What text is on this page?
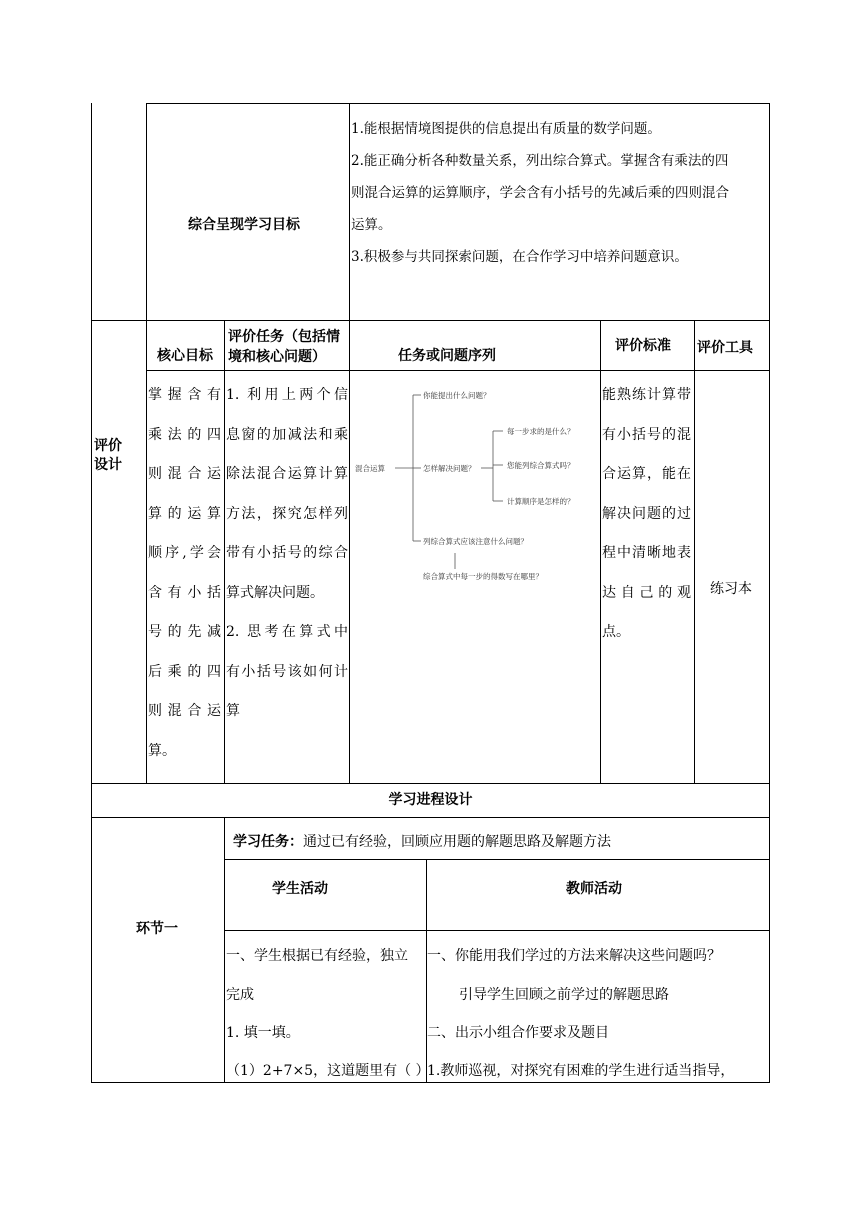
综合呈现学习目标
1.能根据情境图提供的信息提出有质量的数学问题。
2.能正确分析各种数量关系，列出综合算式。掌握含有乘法的四
则混合运算的运算顺序，学会含有小括号的先减后乘的四则混合
运算。
3.积极参与共同探索问题，在合作学习中培养问题意识。
评价
设计
核心目标
评价任务（包括情
境和核心问题）	任务或问题序列
评价标准 评价工具
掌握含有
乘法的四
则混合运
算的运算
顺序,学会
含有小括
号的先减
后乘的四
则混合运
算。
1. 利用上两个信
息窗的加减法和乘
除法混合运算计算
方法，探究怎样列
带有小括号的综合
算式解决问题。
2. 思考在算式中
有小括号该如何计
算
混合运算
你能提出什么问题？
怎样解决问题？
每一步求的是什么？
您能列综合算式吗？
计算顺序是怎样的？
列综合算式应该注意什么问题？
综合算式中每一步的得数写在哪里？
能熟练计算带
有小括号的混
合运算，能在
解决问题的过
程中清晰地表
达自己的观
点。
练习本
学习进程设计
环节一
学习任务：通过已有经验，回顾应用题的解题思路及解题方法
学生活动	教师活动
一、学生根据已有经验，独立
完成
1. 填一填。
（1）2+7×5，这道题里有（ ）
一、你能用我们学过的方法来解决这些问题吗？
引导学生回顾之前学过的解题思路
二、出示小组合作要求及题目
1.教师巡视，对探究有困难的学生进行适当指导，
